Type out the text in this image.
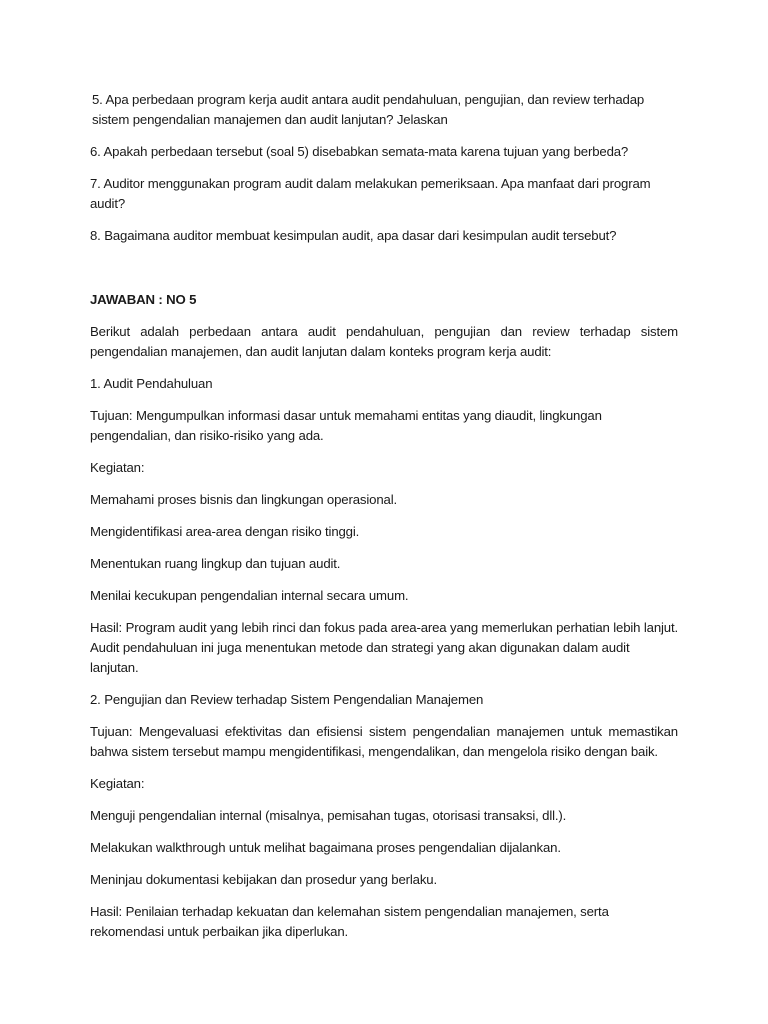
5. Apa perbedaan program kerja audit antara audit pendahuluan, pengujian, dan review terhadap
sistem pengendalian manajemen dan audit lanjutan? Jelaskan

6. Apakah perbedaan tersebut (soal 5) disebabkan semata-mata karena tujuan yang berbeda?

7. Auditor menggunakan program audit dalam melakukan pemeriksaan. Apa manfaat dari program audit?

8. Bagaimana auditor membuat kesimpulan audit, apa dasar dari kesimpulan audit tersebut?

JAWABAN : NO 5

Berikut adalah perbedaan antara audit pendahuluan, pengujian dan review terhadap sistem pengendalian manajemen, dan audit lanjutan dalam konteks program kerja audit:

1. Audit Pendahuluan

Tujuan: Mengumpulkan informasi dasar untuk memahami entitas yang diaudit, lingkungan pengendalian, dan risiko-risiko yang ada.

Kegiatan:

Memahami proses bisnis dan lingkungan operasional.

Mengidentifikasi area-area dengan risiko tinggi.

Menentukan ruang lingkup dan tujuan audit.

Menilai kecukupan pengendalian internal secara umum.

Hasil: Program audit yang lebih rinci dan fokus pada area-area yang memerlukan perhatian lebih lanjut. Audit pendahuluan ini juga menentukan metode dan strategi yang akan digunakan dalam audit lanjutan.

2. Pengujian dan Review terhadap Sistem Pengendalian Manajemen

Tujuan: Mengevaluasi efektivitas dan efisiensi sistem pengendalian manajemen untuk memastikan bahwa sistem tersebut mampu mengidentifikasi, mengendalikan, dan mengelola risiko dengan baik.

Kegiatan:

Menguji pengendalian internal (misalnya, pemisahan tugas, otorisasi transaksi, dll.).

Melakukan walkthrough untuk melihat bagaimana proses pengendalian dijalankan.

Meninjau dokumentasi kebijakan dan prosedur yang berlaku.

Hasil: Penilaian terhadap kekuatan dan kelemahan sistem pengendalian manajemen, serta rekomendasi untuk perbaikan jika diperlukan.
